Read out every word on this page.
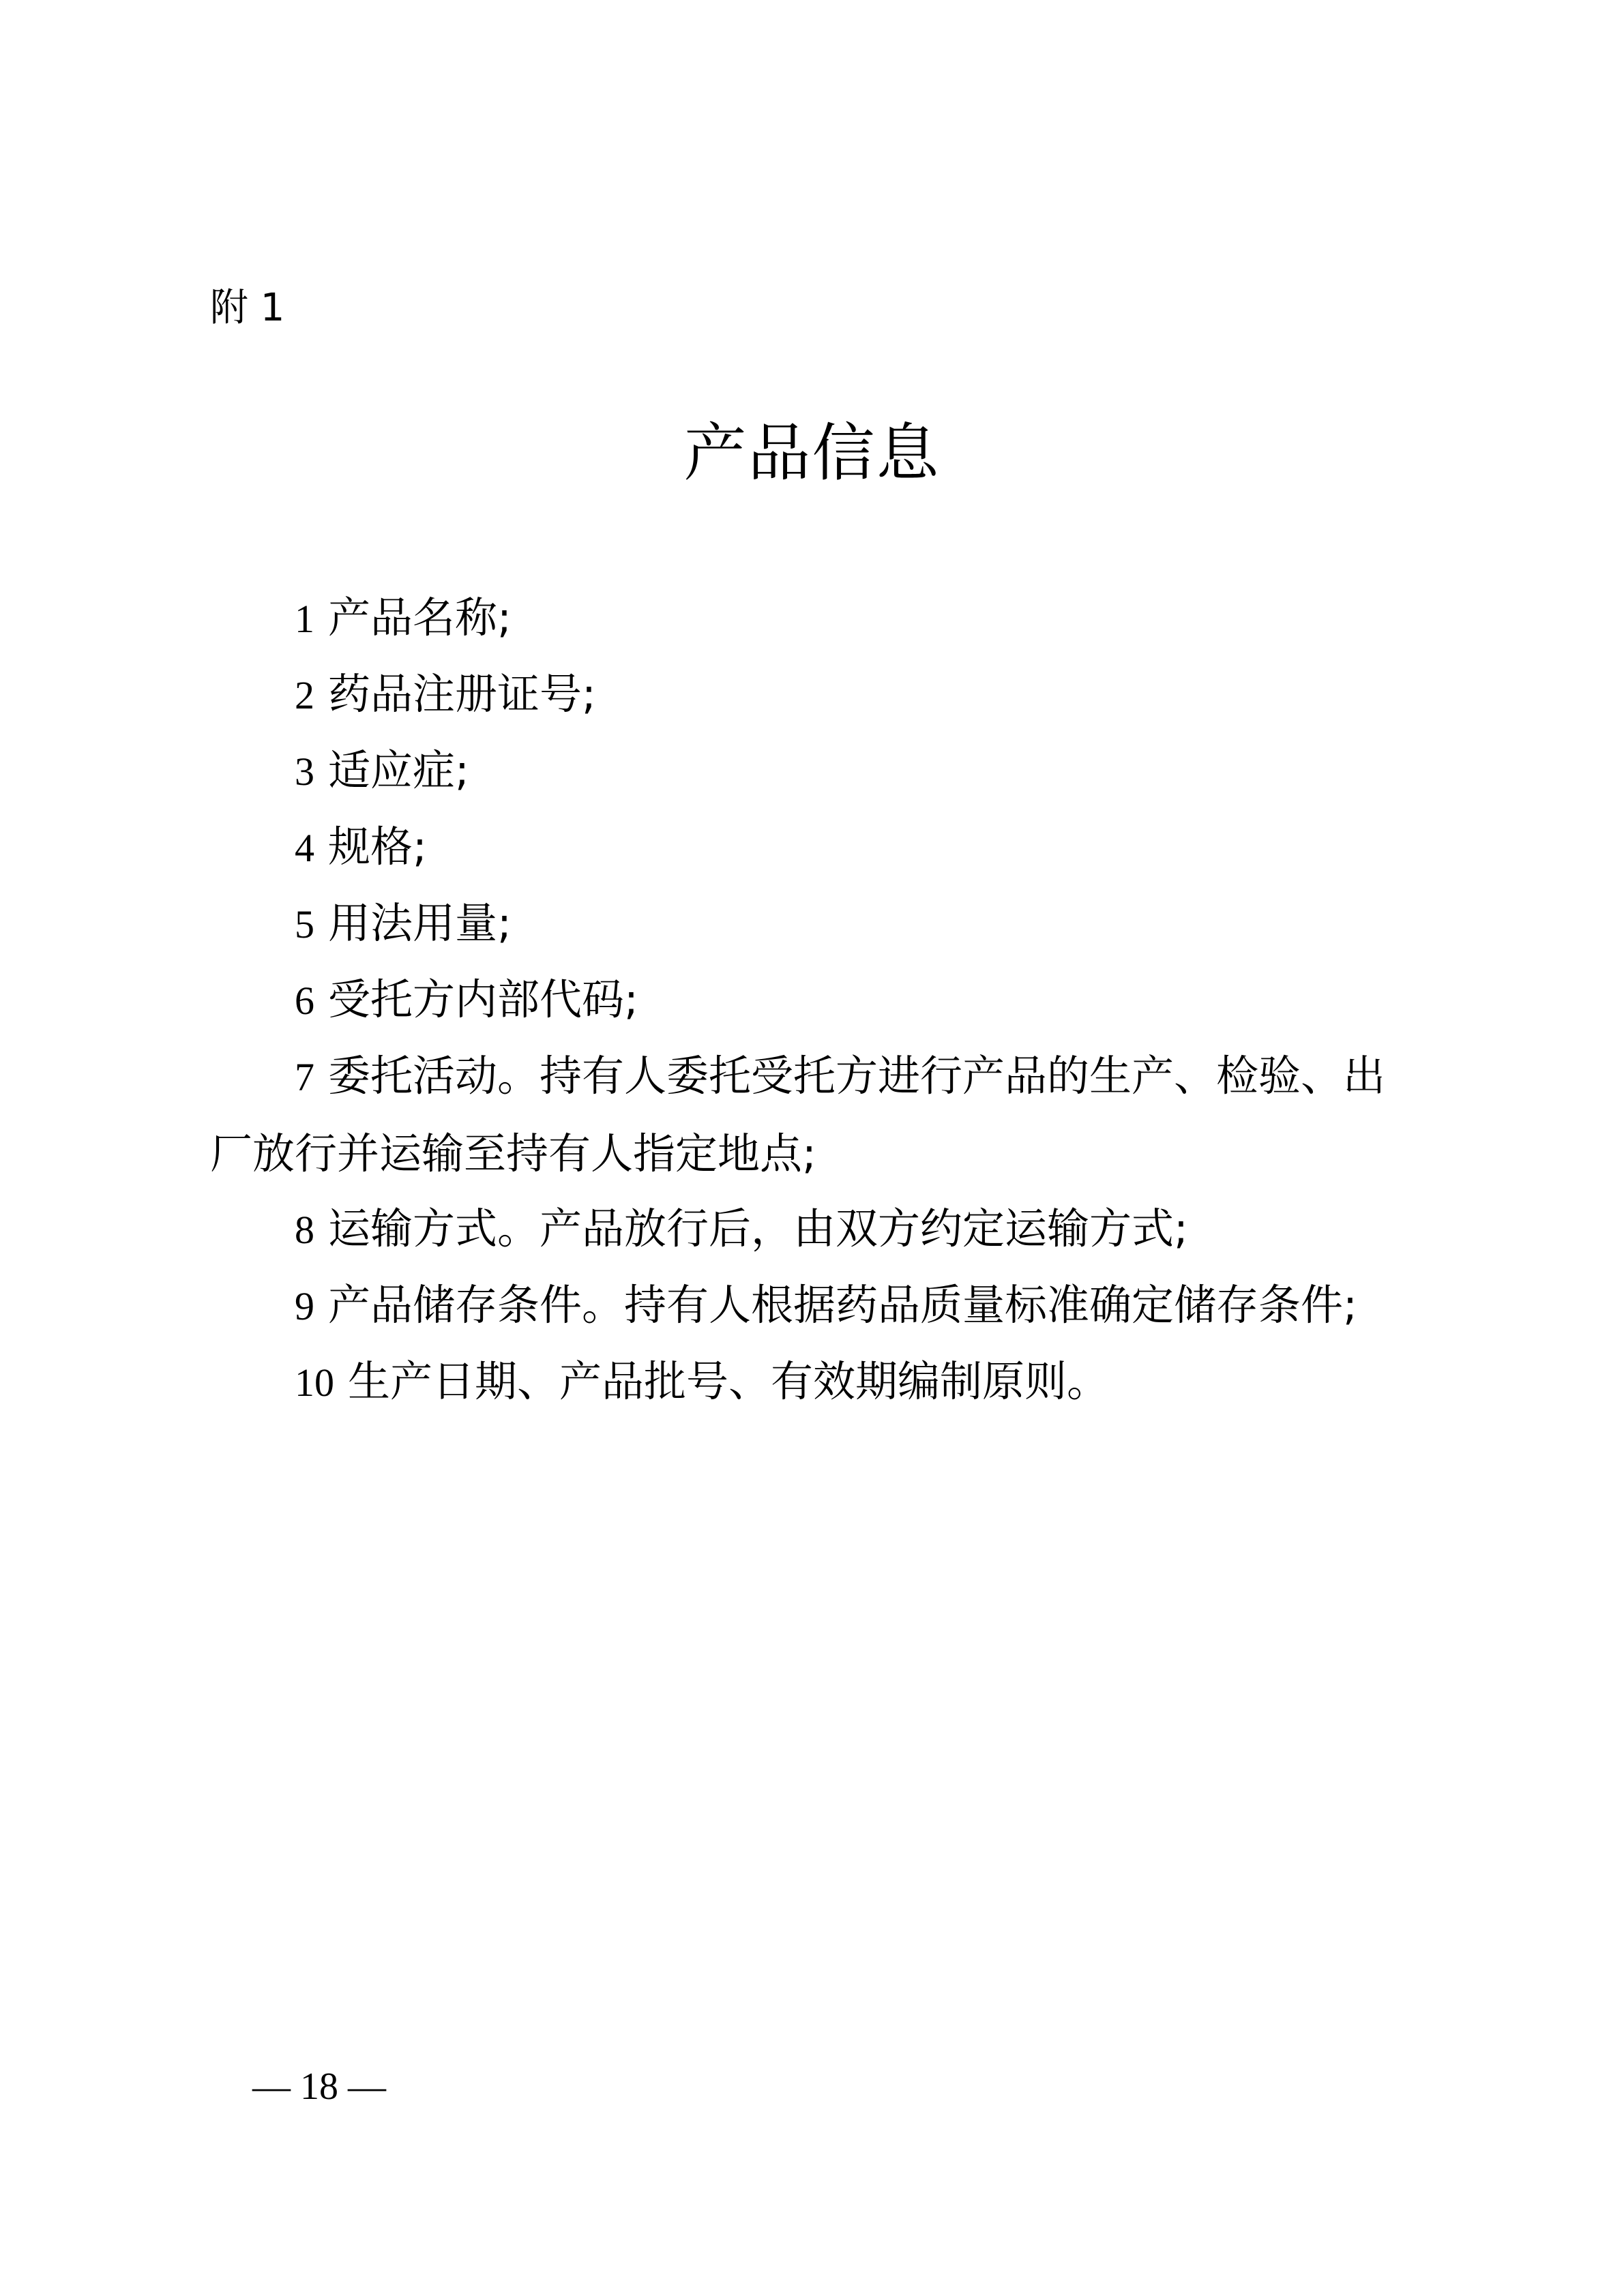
附 1
产品信息
1 产品名称;
2 药品注册证号;
3 适应症;
4 规格;
5 用法用量;
6 受托方内部代码;
7 委托活动。持有人委托受托方进行产品的生产、检验、出厂放行并运输至持有人指定地点;
8 运输方式。产品放行后，由双方约定运输方式;
9 产品储存条件。持有人根据药品质量标准确定储存条件;
10 生产日期、产品批号、有效期编制原则。
— 18 —
